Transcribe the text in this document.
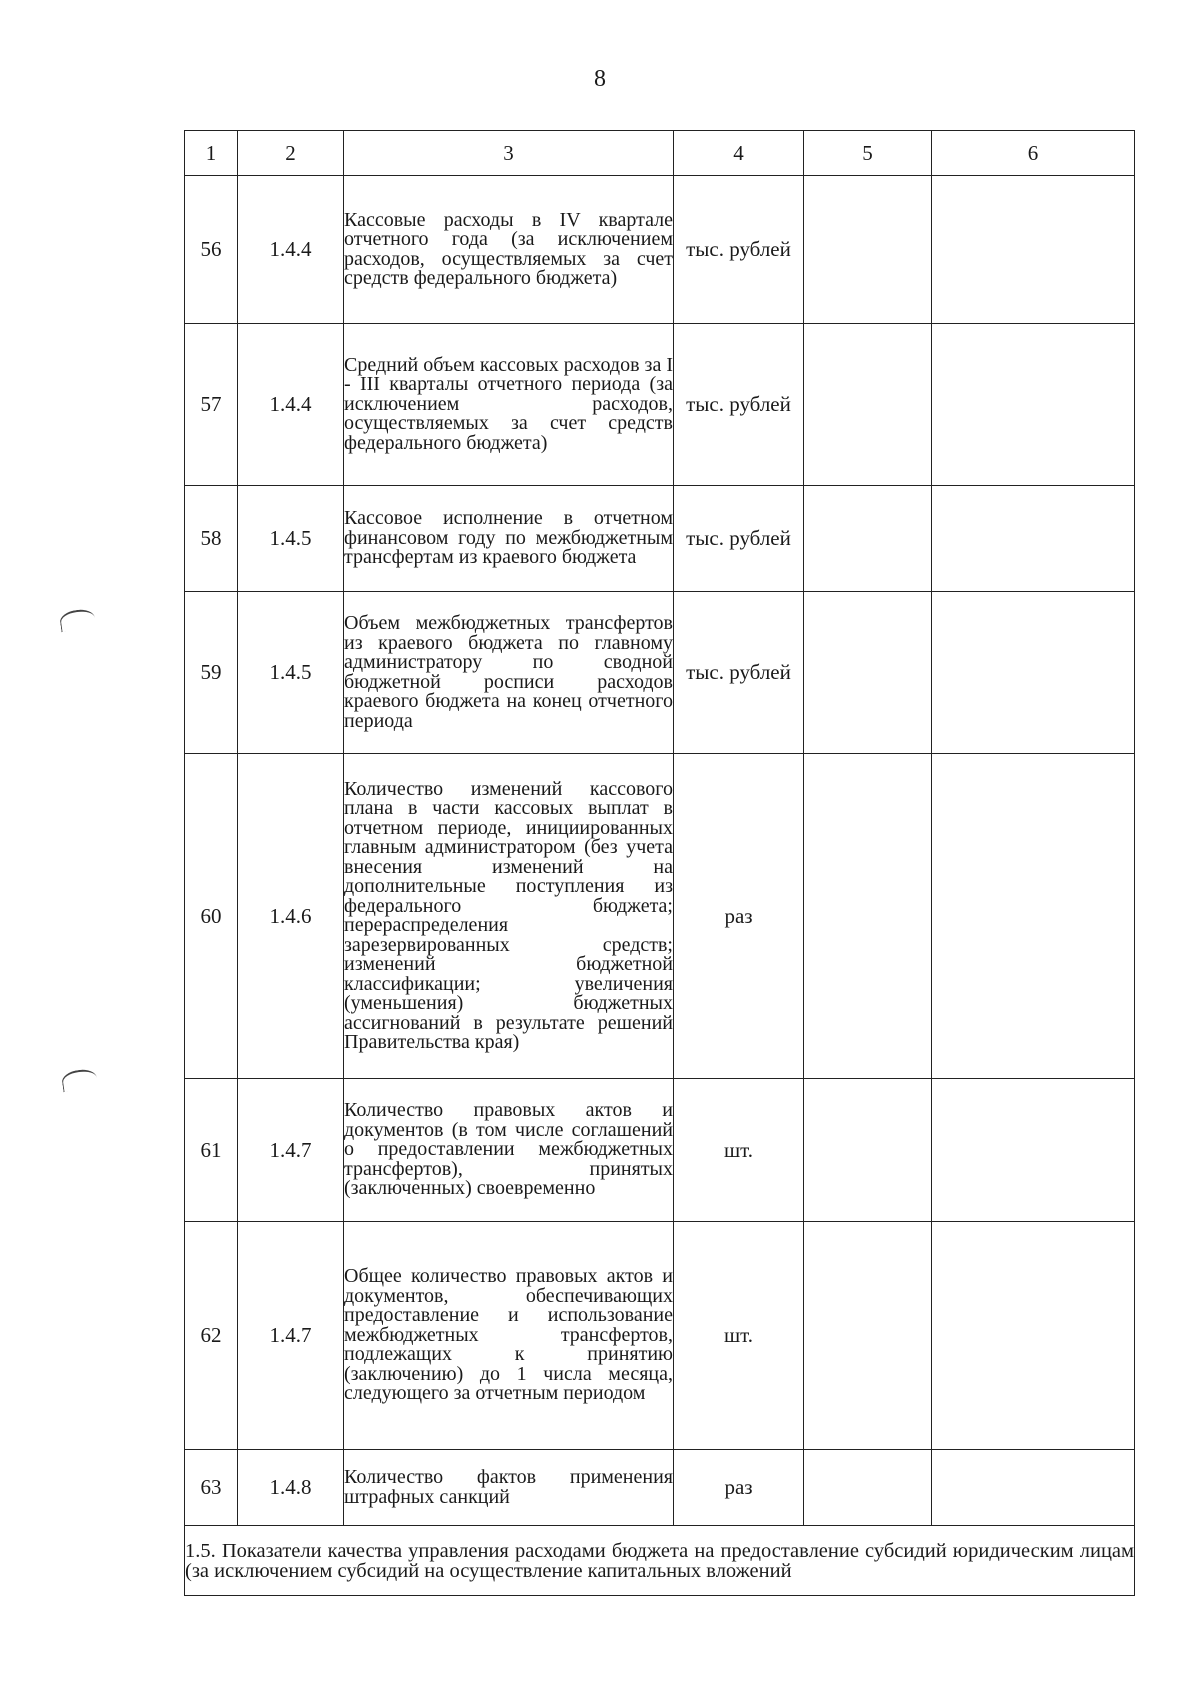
8
1	2	3	4	5	6
56	1.4.4	Кассовые расходы в IV квартале отчетного года (за исключением расходов, осуществляемых за счет средств федерального бюджета)	тыс. рублей		
57	1.4.4	Средний объем кассовых расходов за I - III кварталы отчетного периода (за исключением расходов, осуществляемых за счет средств федерального бюджета)	тыс. рублей		
58	1.4.5	Кассовое исполнение в отчетном финансовом году по межбюджетным трансфертам из краевого бюджета	тыс. рублей		
59	1.4.5	Объем межбюджетных трансфертов из краевого бюджета по главному администратору по сводной бюджетной росписи расходов краевого бюджета на конец отчетного периода	тыс. рублей		
60	1.4.6	Количество изменений кассового плана в части кассовых выплат в отчетном периоде, инициированных главным администратором (без учета внесения изменений на дополнительные поступления из федерального бюджета; перераспределения зарезервированных средств; изменений бюджетной классификации; увеличения (уменьшения) бюджетных ассигнований в результате решений Правительства края)	раз		
61	1.4.7	Количество правовых актов и документов (в том числе соглашений о предоставлении межбюджетных трансфертов), принятых (заключенных) своевременно	шт.		
62	1.4.7	Общее количество правовых актов и документов, обеспечивающих предоставление и использование межбюджетных трансфертов, подлежащих к принятию (заключению) до 1 числа месяца, следующего за отчетным периодом	шт.		
63	1.4.8	Количество фактов применения штрафных санкций	раз		
1.5. Показатели качества управления расходами бюджета на предоставление субсидий юридическим лицам (за исключением субсидий на осуществление капитальных вложений					
